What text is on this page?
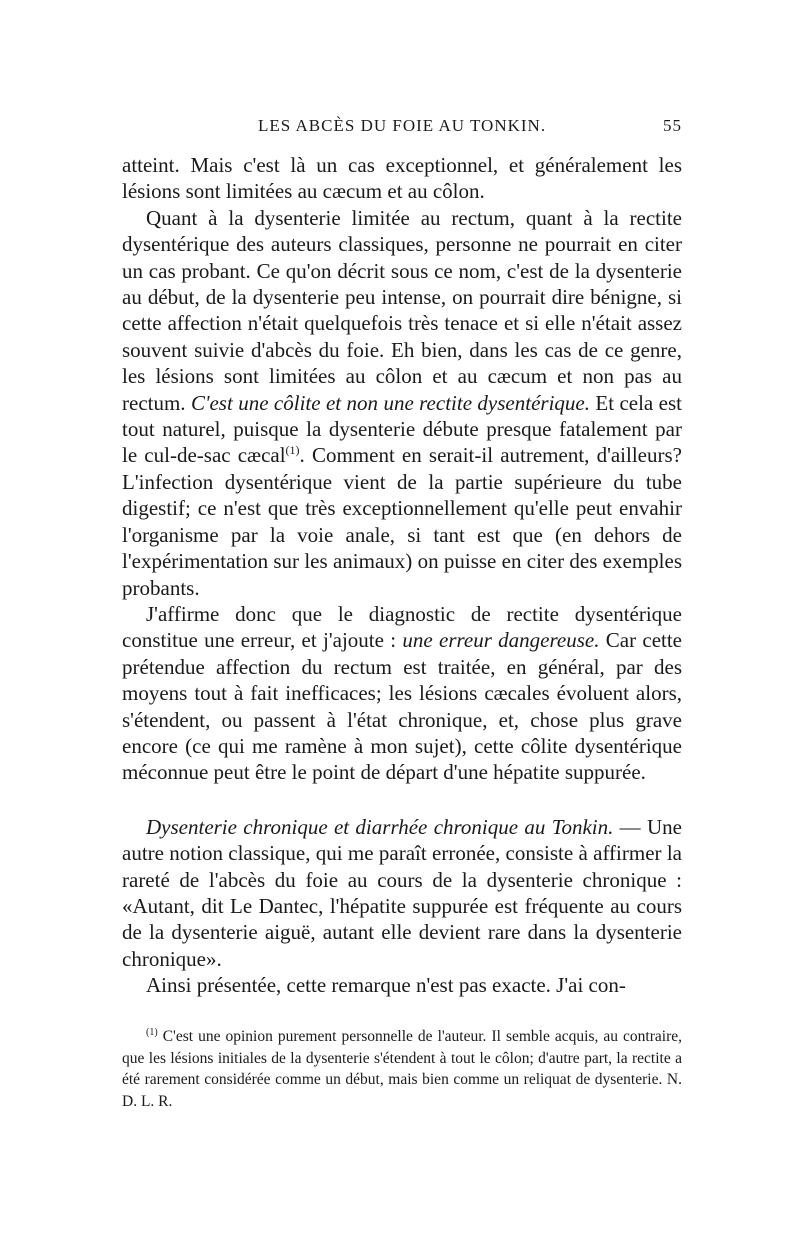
LES ABCÈS DU FOIE AU TONKIN.	55

atteint. Mais c'est là un cas exceptionnel, et généralement les lésions sont limitées au cæcum et au côlon.

Quant à la dysenterie limitée au rectum, quant à la rectite dysentérique des auteurs classiques, personne ne pourrait en citer un cas probant. Ce qu'on décrit sous ce nom, c'est de la dysenterie au début, de la dysenterie peu intense, on pourrait dire bénigne, si cette affection n'était quelquefois très tenace et si elle n'était assez souvent suivie d'abcès du foie. Eh bien, dans les cas de ce genre, les lésions sont limitées au côlon et au cæcum et non pas au rectum. C'est une côlite et non une rectite dysentérique. Et cela est tout naturel, puisque la dysenterie débute presque fatalement par le cul-de-sac cæcal$^{(1)}$. Comment en serait-il autrement, d'ailleurs? L'infection dysentérique vient de la partie supérieure du tube digestif; ce n'est que très exceptionnellement qu'elle peut envahir l'organisme par la voie anale, si tant est que (en dehors de l'expérimentation sur les animaux) on puisse en citer des exemples probants.

J'affirme donc que le diagnostic de rectite dysentérique constitue une erreur, et j'ajoute : une erreur dangereuse. Car cette prétendue affection du rectum est traitée, en général, par des moyens tout à fait inefficaces; les lésions cæcales évoluent alors, s'étendent, ou passent à l'état chronique, et, chose plus grave encore (ce qui me ramène à mon sujet), cette côlite dysentérique méconnue peut être le point de départ d'une hépatite suppurée.

Dysenterie chronique et diarrhée chronique au Tonkin. — Une autre notion classique, qui me paraît erronée, consiste à affirmer la rareté de l'abcès du foie au cours de la dysenterie chronique : «Autant, dit Le Dantec, l'hépatite suppurée est fréquente au cours de la dysenterie aiguë, autant elle devient rare dans la dysenterie chronique».

Ainsi présentée, cette remarque n'est pas exacte. J'ai con-

$^{(1)}$ C'est une opinion purement personnelle de l'auteur. Il semble acquis, au contraire, que les lésions initiales de la dysenterie s'étendent à tout le côlon; d'autre part, la rectite a été rarement considérée comme un début, mais bien comme un reliquat de dysenterie. N. D. L. R.
